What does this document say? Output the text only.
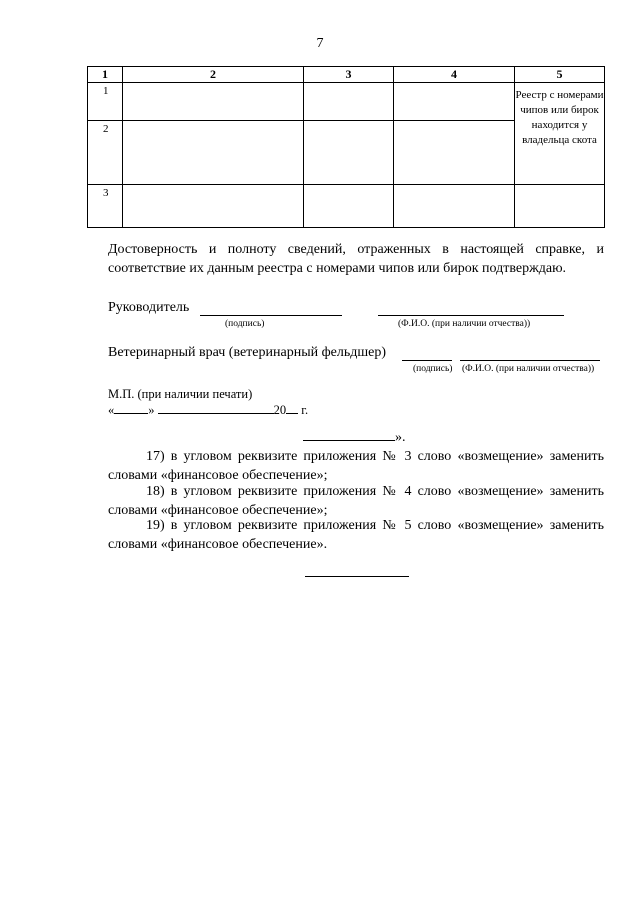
7
1	2	3	4	5
1				Реестр с номерами чипов или бирок находится у владельца скота
2				
3				
Достоверность и полноту сведений, отраженных в настоящей справке, и соответствие их данным реестра с номерами чипов или бирок подтверждаю.
Руководитель
(подпись)	(Ф.И.О. (при наличии отчества))
Ветеринарный врач (ветеринарный фельдшер)
(подпись) (Ф.И.О. (при наличии отчества))
М.П. (при наличии печати)
«	»	20 г.
».
17) в угловом реквизите приложения № 3 слово «возмещение» заменить словами «финансовое обеспечение»;
18) в угловом реквизите приложения № 4 слово «возмещение» заменить словами «финансовое обеспечение»;
19) в угловом реквизите приложения № 5 слово «возмещение» заменить словами «финансовое обеспечение».
